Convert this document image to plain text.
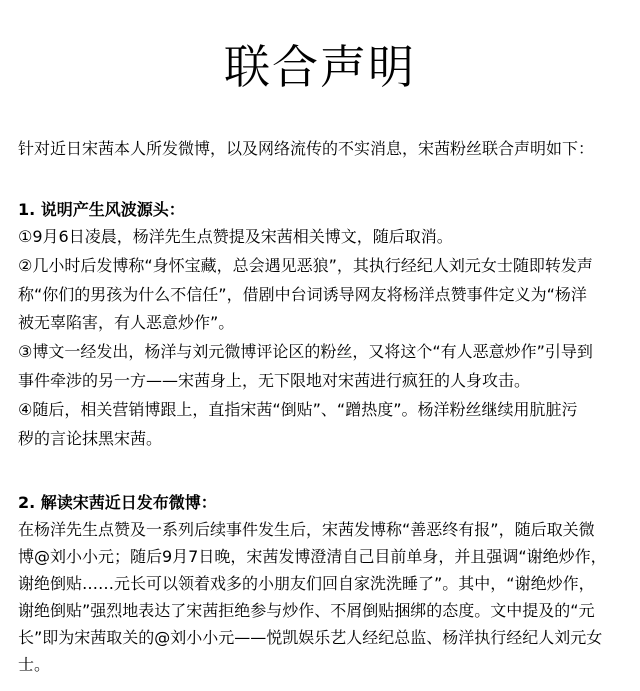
联合声明
针对近日宋茜本人所发微博，以及网络流传的不实消息，宋茜粉丝联合声明如下：
1. 说明产生风波源头：
①9月6日凌晨，杨洋先生点赞提及宋茜相关博文，随后取消。
②几小时后发博称“身怀宝藏，总会遇见恶狼”，其执行经纪人刘元女士随即转发声
称“你们的男孩为什么不信任”，借剧中台词诱导网友将杨洋点赞事件定义为“杨洋
被无辜陷害，有人恶意炒作”。
③博文一经发出，杨洋与刘元微博评论区的粉丝，又将这个“有人恶意炒作”引导到
事件牵涉的另一方——宋茜身上，无下限地对宋茜进行疯狂的人身攻击。
④随后，相关营销博跟上，直指宋茜“倒贴”、“蹭热度”。杨洋粉丝继续用肮脏污
秽的言论抹黑宋茜。
2. 解读宋茜近日发布微博：
在杨洋先生点赞及一系列后续事件发生后，宋茜发博称“善恶终有报”，随后取关微
博@刘小小元；随后9月7日晚，宋茜发博澄清自己目前单身，并且强调“谢绝炒作，
谢绝倒贴……元长可以领着戏多的小朋友们回自家洗洗睡了”。其中，“谢绝炒作，
谢绝倒贴”强烈地表达了宋茜拒绝参与炒作、不屑倒贴捆绑的态度。文中提及的“元
长”即为宋茜取关的@刘小小元——悦凯娱乐艺人经纪总监、杨洋执行经纪人刘元女
士。
